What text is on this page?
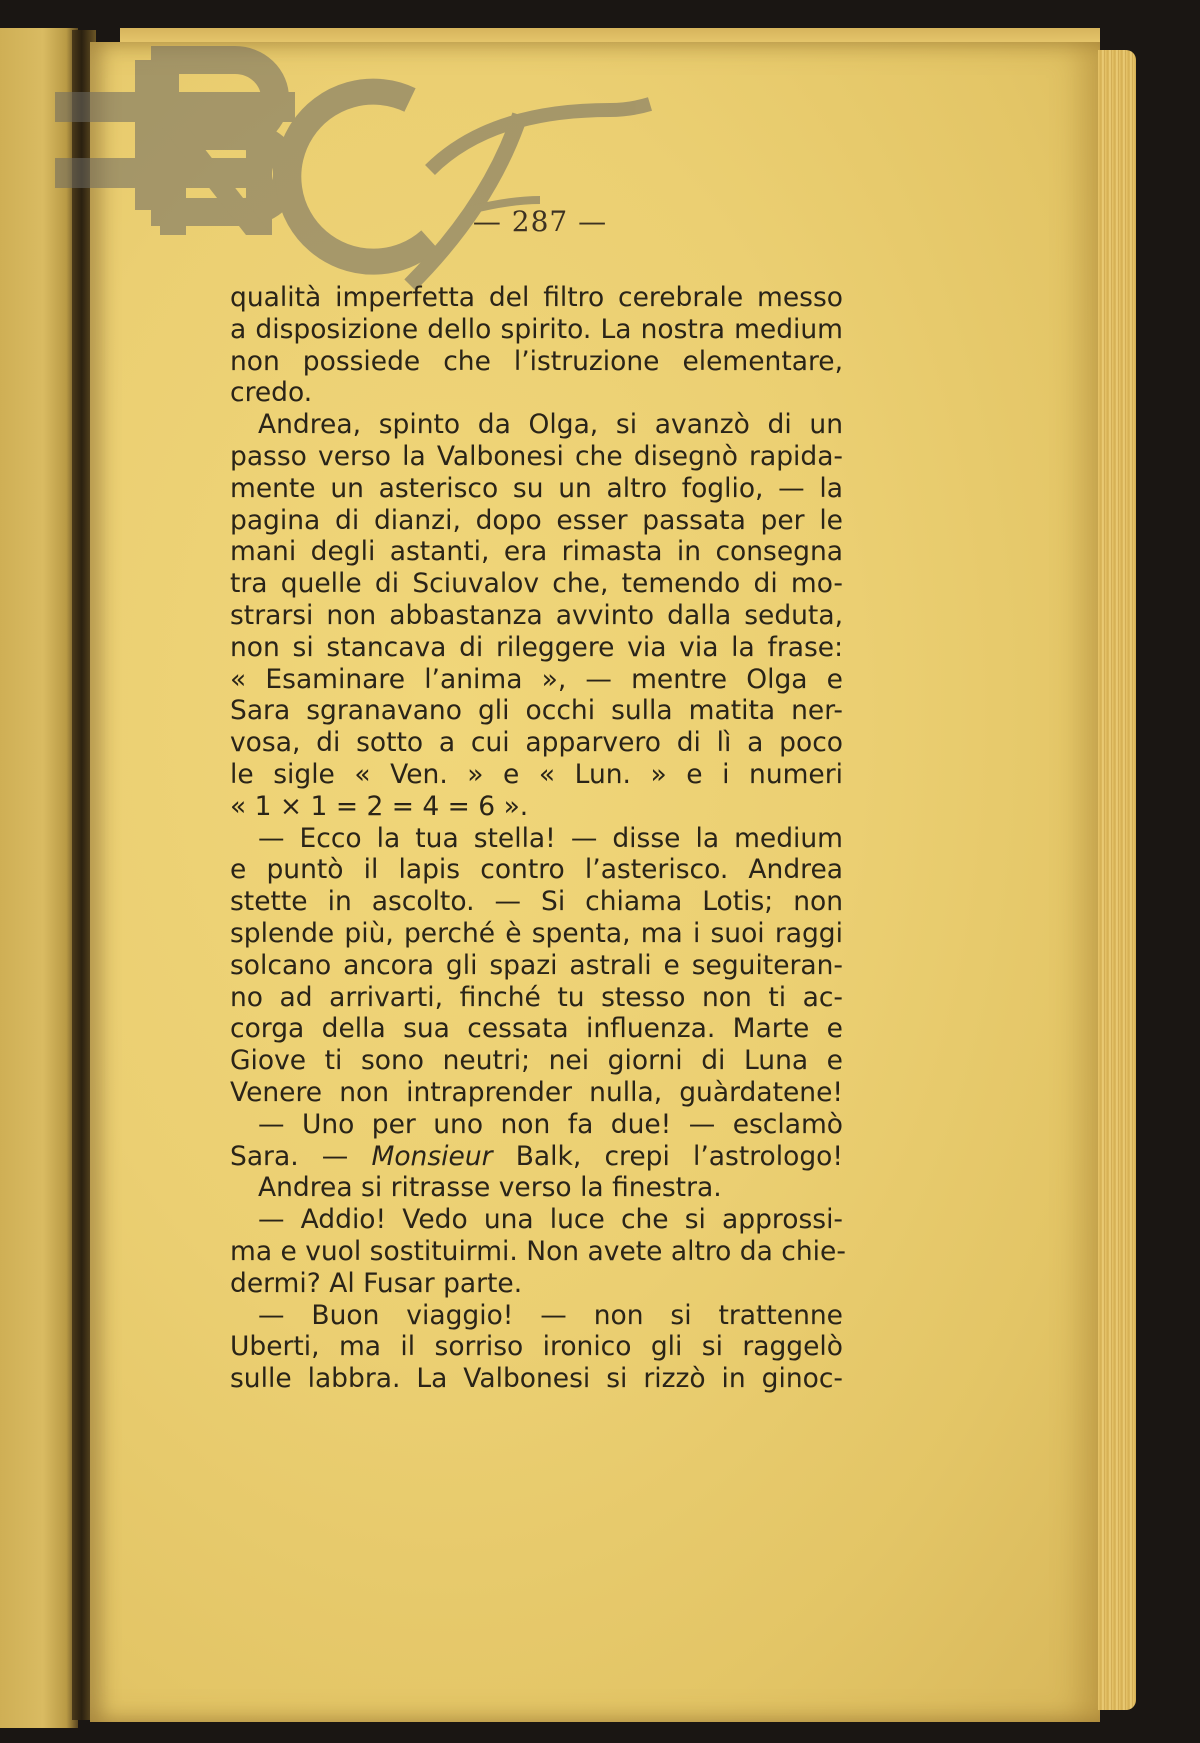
— 287 —
qualità imperfetta del filtro cerebrale messo
a disposizione dello spirito. La nostra medium
non possiede che l’istruzione elementare,
credo.
Andrea, spinto da Olga, si avanzò di un
passo verso la Valbonesi che disegnò rapida-
mente un asterisco su un altro foglio, — la
pagina di dianzi, dopo esser passata per le
mani degli astanti, era rimasta in consegna
tra quelle di Sciuvalov che, temendo di mo-
strarsi non abbastanza avvinto dalla seduta,
non si stancava di rileggere via via la frase:
« Esaminare l’anima », — mentre Olga e
Sara sgranavano gli occhi sulla matita ner-
vosa, di sotto a cui apparvero di lì a poco
le sigle « Ven. » e « Lun. » e i numeri
« 1 × 1 = 2 = 4 = 6 ».
— Ecco la tua stella! — disse la medium
e puntò il lapis contro l’asterisco. Andrea
stette in ascolto. — Si chiama Lotis; non
splende più, perché è spenta, ma i suoi raggi
solcano ancora gli spazi astrali e seguiteran-
no ad arrivarti, finché tu stesso non ti ac-
corga della sua cessata influenza. Marte e
Giove ti sono neutri; nei giorni di Luna e
Venere non intraprender nulla, guàrdatene!
— Uno per uno non fa due! — esclamò
Sara. — Monsieur Balk, crepi l’astrologo!
Andrea si ritrasse verso la finestra.
— Addio! Vedo una luce che si approssi-
ma e vuol sostituirmi. Non avete altro da chie-
dermi? Al Fusar parte.
— Buon viaggio! — non si trattenne
Uberti, ma il sorriso ironico gli si raggelò
sulle labbra. La Valbonesi si rizzò in ginoc-
